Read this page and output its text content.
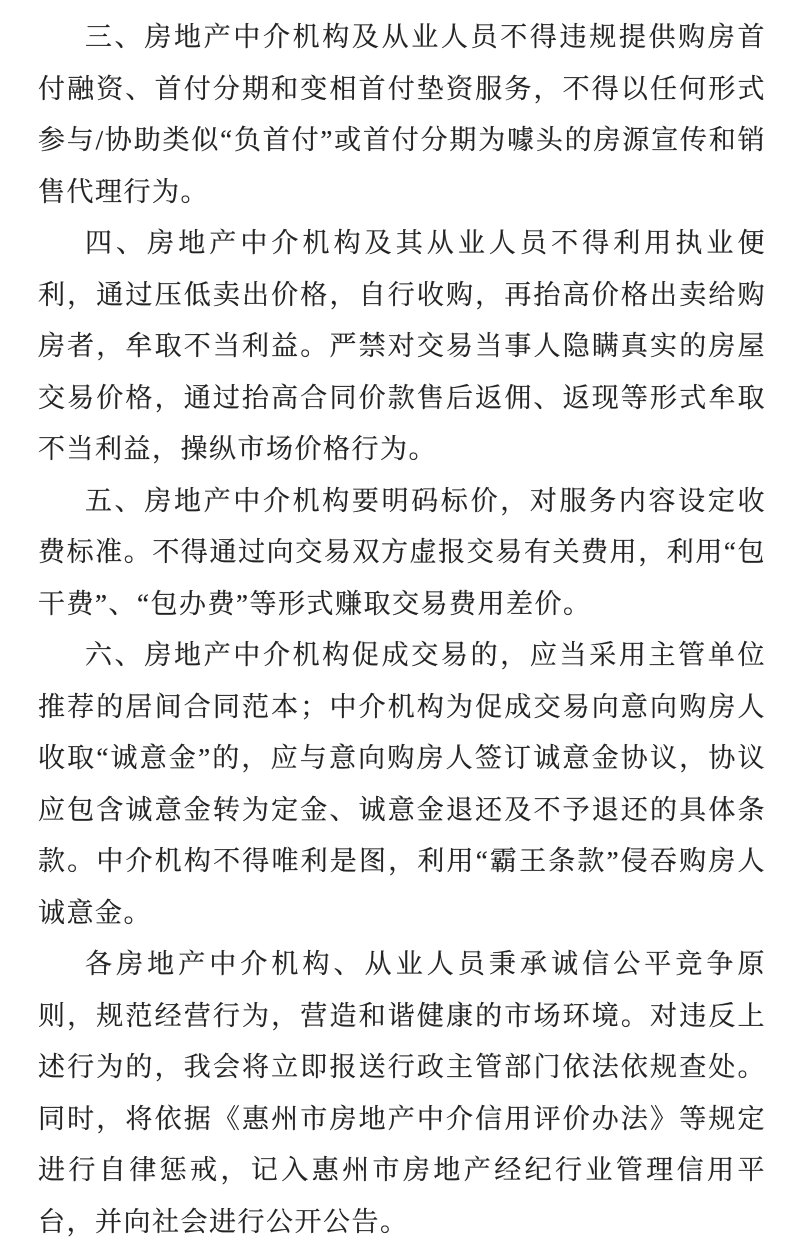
三、房地产中介机构及从业人员不得违规提供购房首付融资、首付分期和变相首付垫资服务，不得以任何形式参与/协助类似“负首付”或首付分期为噱头的房源宣传和销售代理行为。

四、房地产中介机构及其从业人员不得利用执业便利，通过压低卖出价格，自行收购，再抬高价格出卖给购房者，牟取不当利益。严禁对交易当事人隐瞒真实的房屋交易价格，通过抬高合同价款售后返佣、返现等形式牟取不当利益，操纵市场价格行为。

五、房地产中介机构要明码标价，对服务内容设定收费标准。不得通过向交易双方虚报交易有关费用，利用“包干费”、“包办费”等形式赚取交易费用差价。

六、房地产中介机构促成交易的，应当采用主管单位推荐的居间合同范本；中介机构为促成交易向意向购房人收取“诚意金”的，应与意向购房人签订诚意金协议，协议应包含诚意金转为定金、诚意金退还及不予退还的具体条款。中介机构不得唯利是图，利用“霸王条款”侵吞购房人诚意金。

各房地产中介机构、从业人员秉承诚信公平竞争原则，规范经营行为，营造和谐健康的市场环境。对违反上述行为的，我会将立即报送行政主管部门依法依规查处。同时，将依据《惠州市房地产中介信用评价办法》等规定进行自律惩戒，记入惠州市房地产经纪行业管理信用平台，并向社会进行公开公告。
